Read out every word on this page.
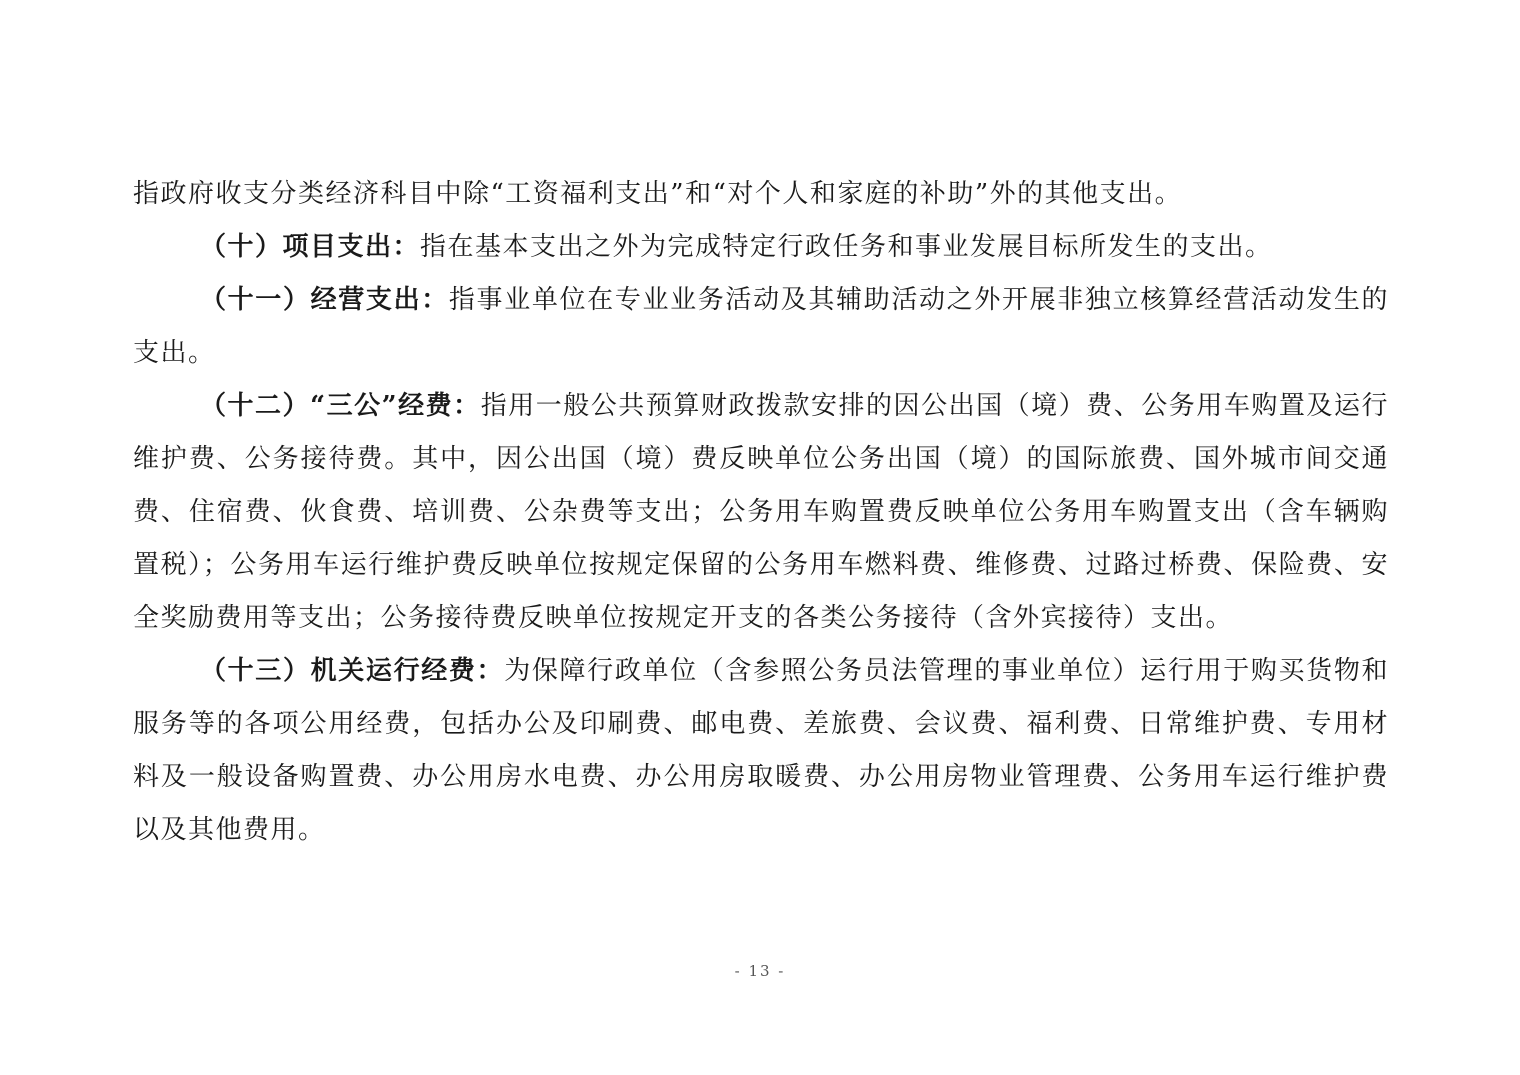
指政府收支分类经济科目中除“工资福利支出”和“对个人和家庭的补助”外的其他支出。

（十）项目支出：指在基本支出之外为完成特定行政任务和事业发展目标所发生的支出。

（十一）经营支出：指事业单位在专业业务活动及其辅助活动之外开展非独立核算经营活动发生的支出。

（十二）“三公”经费：指用一般公共预算财政拨款安排的因公出国（境）费、公务用车购置及运行维护费、公务接待费。其中，因公出国（境）费反映单位公务出国（境）的国际旅费、国外城市间交通费、住宿费、伙食费、培训费、公杂费等支出；公务用车购置费反映单位公务用车购置支出（含车辆购置税）；公务用车运行维护费反映单位按规定保留的公务用车燃料费、维修费、过路过桥费、保险费、安全奖励费用等支出；公务接待费反映单位按规定开支的各类公务接待（含外宾接待）支出。

（十三）机关运行经费：为保障行政单位（含参照公务员法管理的事业单位）运行用于购买货物和服务等的各项公用经费，包括办公及印刷费、邮电费、差旅费、会议费、福利费、日常维护费、专用材料及一般设备购置费、办公用房水电费、办公用房取暖费、办公用房物业管理费、公务用车运行维护费以及其他费用。

- 13 -
